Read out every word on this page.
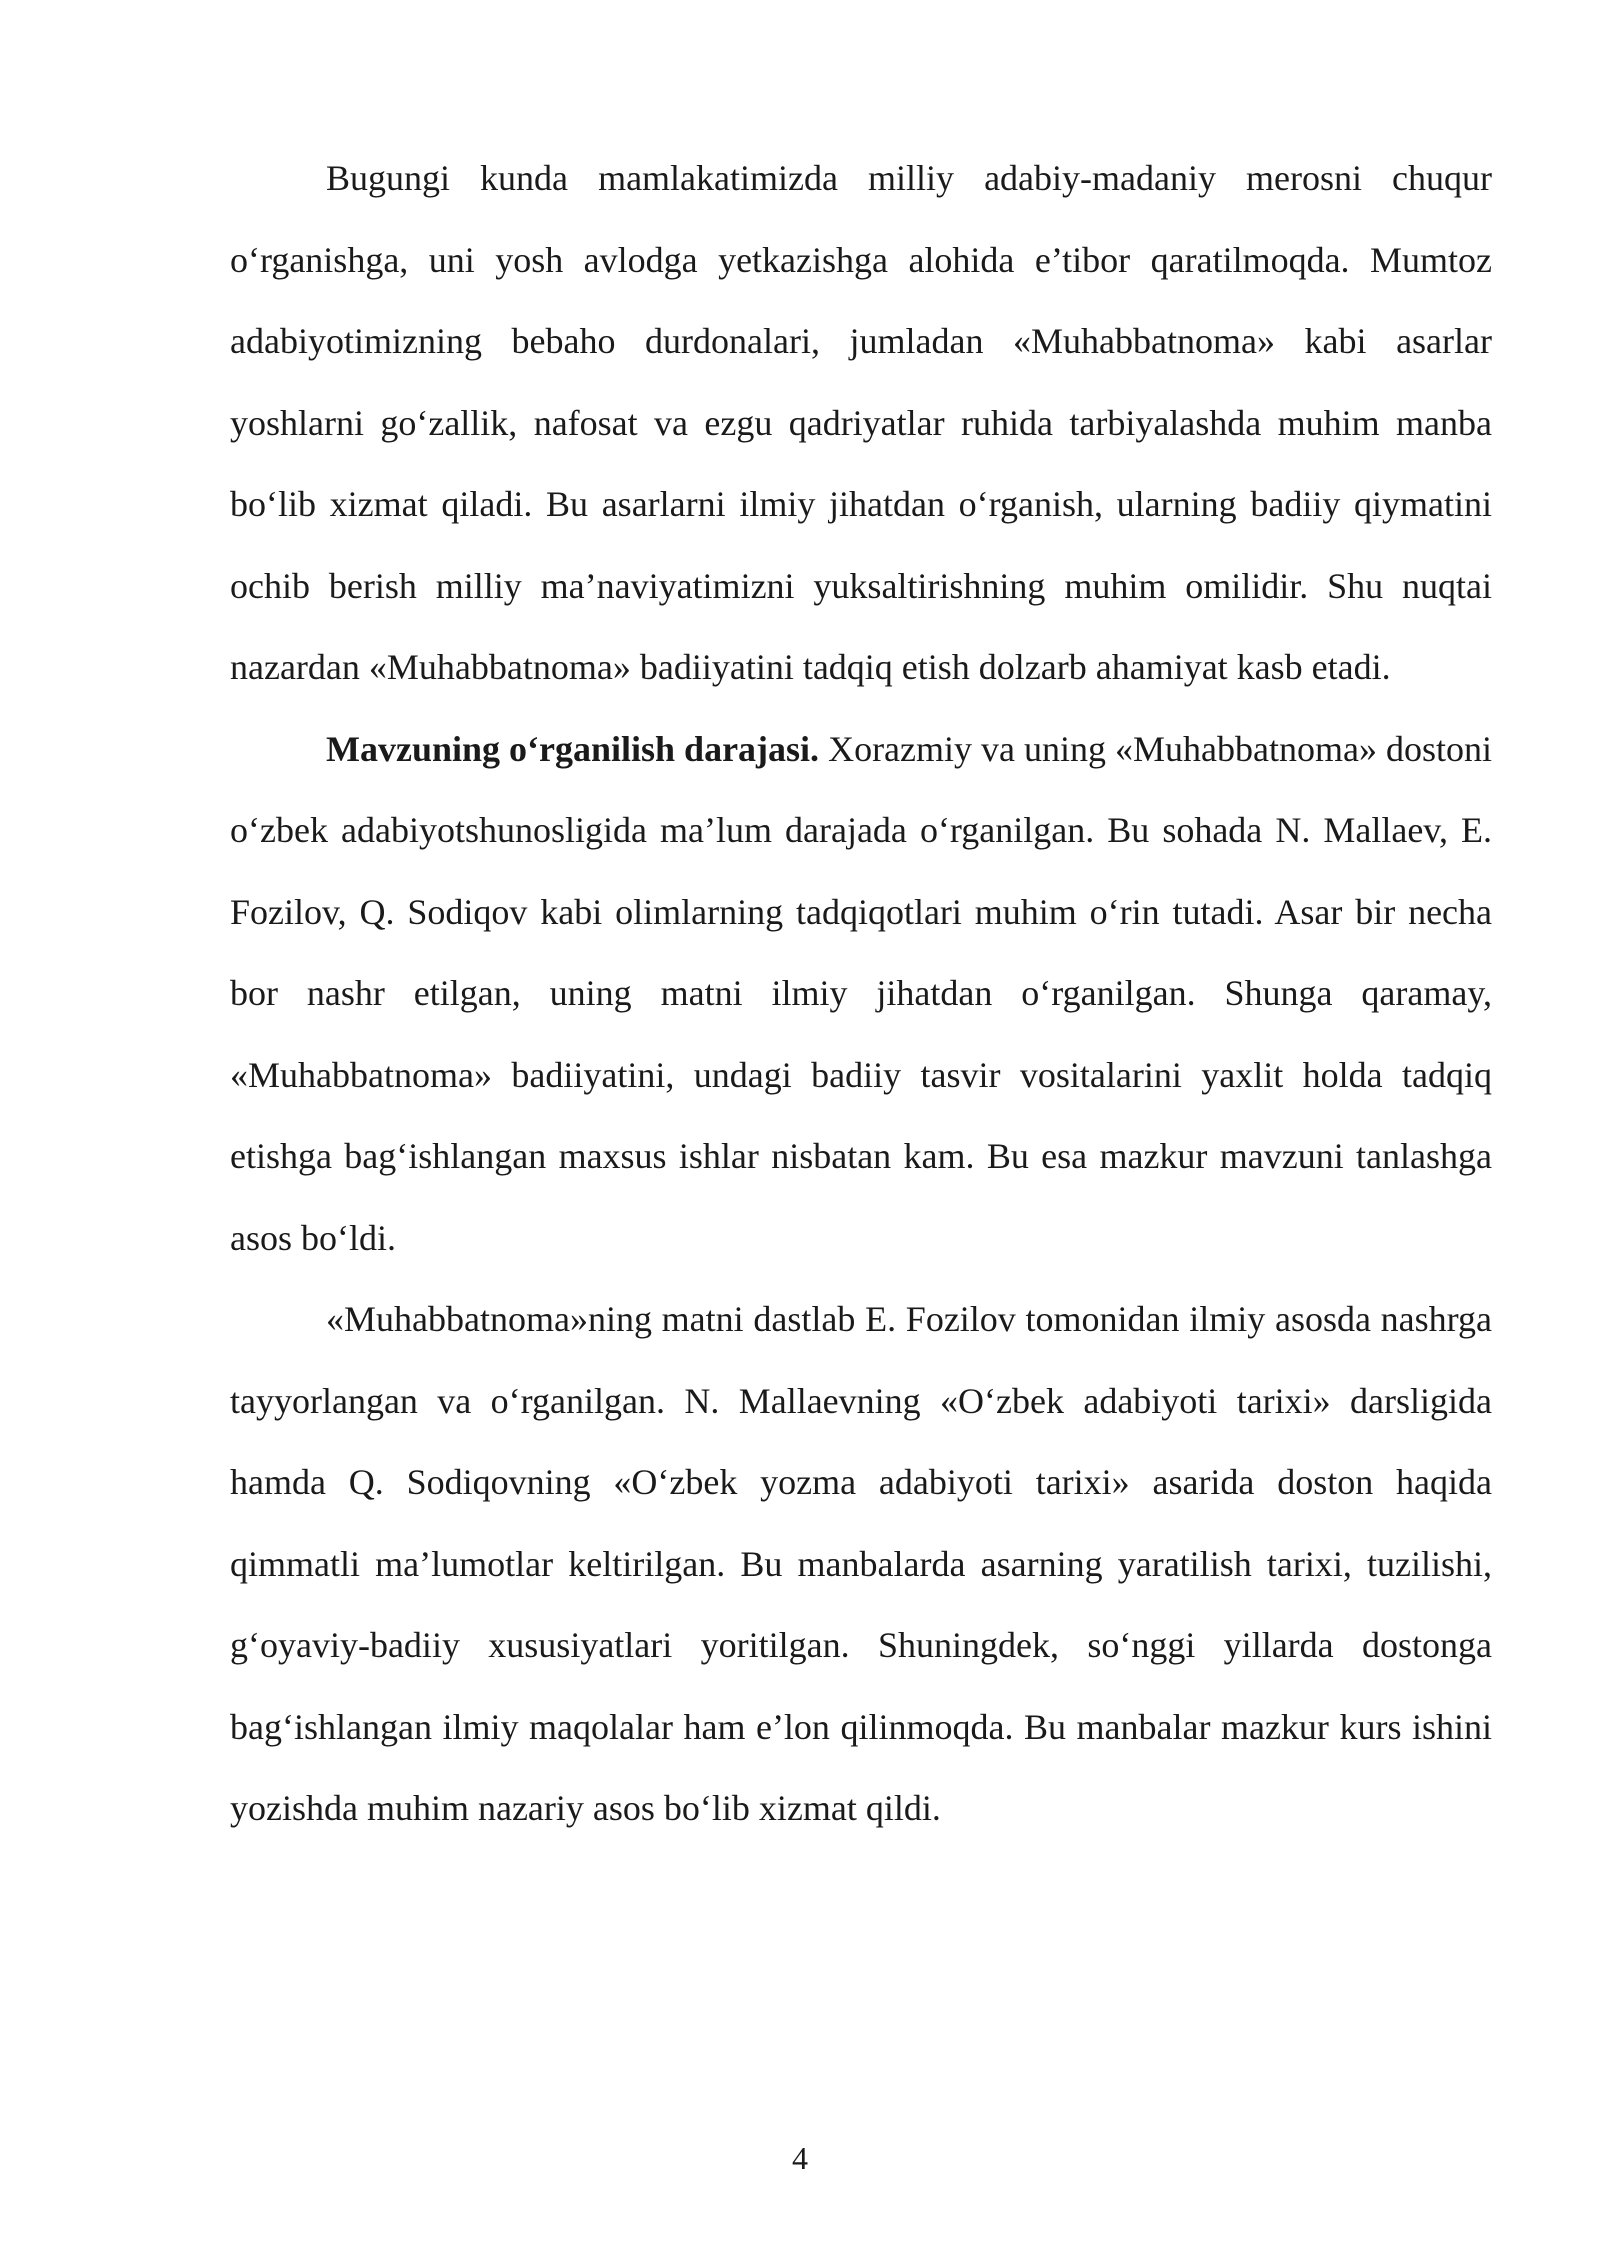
Bugungi kunda mamlakatimizda milliy adabiy-madaniy merosni chuqur o‘rganishga, uni yosh avlodga yetkazishga alohida e’tibor qaratilmoqda. Mumtoz adabiyotimizning bebaho durdonalari, jumladan «Muhabbatnoma» kabi asarlar yoshlarni go‘zallik, nafosat va ezgu qadriyatlar ruhida tarbiyalashda muhim manba bo‘lib xizmat qiladi. Bu asarlarni ilmiy jihatdan o‘rganish, ularning badiiy qiymatini ochib berish milliy ma’naviyatimizni yuksaltirishning muhim omilidir. Shu nuqtai nazardan «Muhabbatnoma» badiiyatini tadqiq etish dolzarb ahamiyat kasb etadi.

Mavzuning o‘rganilish darajasi. Xorazmiy va uning «Muhabbatnoma» dostoni o‘zbek adabiyotshunosligida ma’lum darajada o‘rganilgan. Bu sohada N. Mallaev, E. Fozilov, Q. Sodiqov kabi olimlarning tadqiqotlari muhim o‘rin tutadi. Asar bir necha bor nashr etilgan, uning matni ilmiy jihatdan o‘rganilgan. Shunga qaramay, «Muhabbatnoma» badiiyatini, undagi badiiy tasvir vositalarini yaxlit holda tadqiq etishga bag‘ishlangan maxsus ishlar nisbatan kam. Bu esa mazkur mavzuni tanlashga asos bo‘ldi.

«Muhabbatnoma»ning matni dastlab E. Fozilov tomonidan ilmiy asosda nashrga tayyorlangan va o‘rganilgan. N. Mallaevning «O‘zbek adabiyoti tarixi» darsligida hamda Q. Sodiqovning «O‘zbek yozma adabiyoti tarixi» asarida doston haqida qimmatli ma’lumotlar keltirilgan. Bu manbalarda asarning yaratilish tarixi, tuzilishi, g‘oyaviy-badiiy xususiyatlari yoritilgan. Shuningdek, so‘nggi yillarda dostonga bag‘ishlangan ilmiy maqolalar ham e’lon qilinmoqda. Bu manbalar mazkur kurs ishini yozishda muhim nazariy asos bo‘lib xizmat qildi.

4
